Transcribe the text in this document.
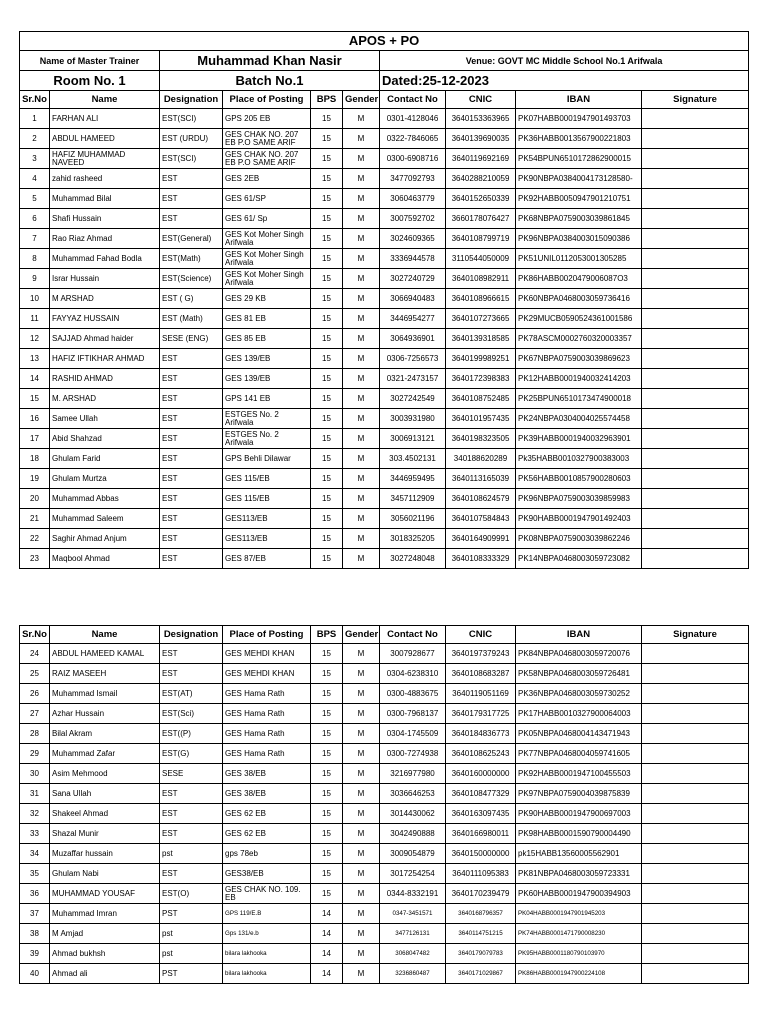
APOS + PO									
Name of Master Trainer		Muhammad Khan Nasir				Venue: GOVT MC Middle School No.1 Arifwala			
Room No. 1		Batch No.1				Dated:25-12-2023			
Sr.No	Name	Designation	Place of Posting	BPS	Gender	Contact No	CNIC	IBAN	Signature
1	FARHAN ALI	EST(SCI)	GPS 205 EB	15	M	0301-4128046	3640153363965	PK07HABB0001947901493703	
2	ABDUL HAMEED	EST (URDU)	GES CHAK NO. 207 EB P.O SAME ARIF	15	M	0322-7846065	3640139690035	PK36HABB0013567900221803	
3	HAFIZ MUHAMMAD NAVEED	EST(SCI)	GES CHAK NO. 207 EB P.O SAME ARIF	15	M	0300-6908716	3640119692169	PK54BPUN6510172862900015	
4	zahid rasheed	EST	GES 2EB	15	M	3477092793	3640288210059	PK90NBPA0384004173128580-	
5	Muhammad Bilal	EST	GES 61/SP	15	M	3060463779	3640152650339	PK92HABB0050947901210751	
6	Shafi Hussain	EST	GES 61/ Sp	15	M	3007592702	3660178076427	PK68NBPA0759003039861845	
7	Rao Riaz Ahmad	EST(General)	GES Kot Moher Singh Arifwala	15	M	3024609365	3640108799719	PK96NBPA0384003015090386	
8	Muhammad Fahad Bodla	EST(Math)	GES Kot Moher Singh Arifwala	15	M	3336944578	3110544050009	PK51UNIL0112053001305285	
9	Israr Hussain	EST(Science)	GES Kot Moher Singh Arifwala	15	M	3027240729	3640108982911	PK86HABB0020479006087O3	
10	M ARSHAD	EST ( G)	GES 29 KB	15	M	3066940483	3640108966615	PK60NBPA0468003059736416	
11	FAYYAZ HUSSAIN	EST (Math)	GES 81 EB	15	M	3446954277	3640107273665	PK29MUCB0590524361001586	
12	SAJJAD Ahmad haider	SESE (ENG)	GES 85 EB	15	M	3064936901	3640139318585	PK78ASCM0002760320003357	
13	HAFIZ IFTIKHAR AHMAD	EST	GES 139/EB	15	M	0306-7256573	3640199989251	PK67NBPA0759003039869623	
14	RASHID AHMAD	EST	GES 139/EB	15	M	0321-2473157	3640172398383	PK12HABB0001940032414203	
15	M. ARSHAD	EST	GPS 141 EB	15	M	3027242549	3640108752485	PK25BPUN6510173474900018	
16	Samee Ullah	EST	ESTGES No. 2 Arifwala	15	M	3003931980	3640101957435	PK24NBPA0304004025574458	
17	Abid Shahzad	EST	ESTGES No. 2 Arifwala	15	M	3006913121	3640198323505	PK39HABB0001940032963901	
18	Ghulam Farid	EST	GPS Behli Dilawar	15	M	303.4502131	340188620289	Pk35HABB0010327900383003	
19	Ghulam Murtza	EST	GES 115/EB	15	M	3446959495	3640113165039	PK56HABB0010857900280603	
20	Muhammad Abbas	EST	GES 115/EB	15	M	3457112909	3640108624579	PK96NBPA0759003039859983	
21	Muhammad Saleem	EST	GES113/EB	15	M	3056021196	3640107584843	PK90HABB0001947901492403	
22	Saghir Ahmad Anjum	EST	GES113/EB	15	M	3018325205	3640164909991	PK08NBPA0759003039862246	
23	Maqbool Ahmad	EST	GES 87/EB	15	M	3027248048	3640108333329	PK14NBPA0468003059723082	
Sr.No	Name	Designation	Place of Posting	BPS	Gender	Contact No	CNIC	IBAN	Signature
24	ABDUL HAMEED KAMAL	EST	GES MEHDI KHAN	15	M	3007928677	3640197379243	PK84NBPA0468003059720076	
25	RAIZ MASEEH	EST	GES MEHDI KHAN	15	M	0304-6238310	3640108683287	PK58NBPA0468003059726481	
26	Muhammad Ismail	EST(AT)	GES Hama Rath	15	M	0300-4883675	3640119051169	PK36NBPA0468003059730252	
27	Azhar Hussain	EST(Sci)	GES Hama Rath	15	M	0300-7968137	3640179317725	PK17HABB0010327900064003	
28	Bilal Akram	EST((P)	GES Hama Rath	15	M	0304-1745509	3640184836773	PK05NBPA0468004143471943	
29	Muhammad Zafar	EST(G)	GES Hama Rath	15	M	0300-7274938	3640108625243	PK77NBPA0468004059741605	
30	Asim Mehmood	SESE	GES 38/EB	15	M	3216977980	3640160000000	PK92HABB0001947100455503	
31	Sana Ullah	EST	GES 38/EB	15	M	3036646253	3640108477329	PK97NBPA0759004039875839	
32	Shakeel Ahmad	EST	GES 62 EB	15	M	3014430062	3640163097435	PK90HABB0001947900697003	
33	Shazal Munir	EST	GES 62 EB	15	M	3042490888	3640166980011	PK98HABB0001590790004490	
34	Muzaffar hussain	pst	gps 78eb	15	M	3009054879	3640150000000	pk15HABB13560005562901	
35	Ghulam Nabi	EST	GES38/EB	15	M	3017254254	3640111095383	PK81NBPA0468003059723331	
36	MUHAMMAD YOUSAF	EST(O)	GES CHAK NO. 109. EB	15	M	0344-8332191	3640170239479	PK60HABB0001947900394903	
37	Muhammad Imran	PST	GPS 119/E.B	14	M	0347-3451571	3640168796357	PK04HABB0001947901945203	
38	M Amjad	pst	Gps 131/e.b	14	M	3477126131	3640114751215	PK74HABB0001471790008230	
39	Ahmad bukhsh	pst	bilara lakhooka	14	M	3068047482	3640179079783	PK95HABB0001180790103970	
40	Ahmad ali	PST	bilara lakhooka	14	M	3236860487	3640171029867	PK86HABB0001947900224108	
